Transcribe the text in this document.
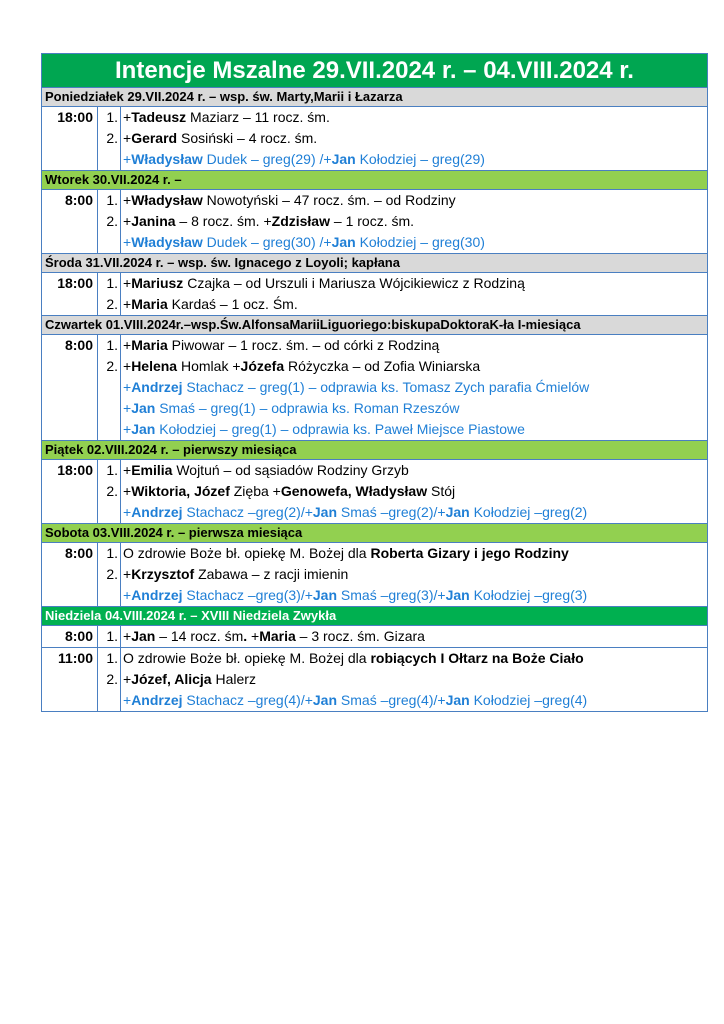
Intencje Mszalne 29.VII.2024 r. – 04.VIII.2024 r.
Poniedziałek 29.VII.2024 r. – wsp. św. Marty,Marii i Łazarza
18:00 1. +Tadeusz Maziarz – 11 rocz. śm.
2. +Gerard Sosiński – 4 rocz. śm.
+Władysław Dudek – greg(29) /+Jan Kołodziej – greg(29)
Wtorek 30.VII.2024 r. –
8:00 1. +Władysław Nowotyński – 47 rocz. śm. – od Rodziny
2. +Janina – 8 rocz. śm. +Zdzisław – 1 rocz. śm.
+Władysław Dudek – greg(30) /+Jan Kołodziej – greg(30)
Środa 31.VII.2024 r. – wsp. św. Ignacego z Loyoli; kapłana
18:00 1. +Mariusz Czajka – od Urszuli i Mariusza Wójcikiewicz z Rodziną
2. +Maria Kardaś – 1 ocz. Śm.
Czwartek 01.VIII.2024r.–wsp.Św.AlfonsaMariiLiguoriego:biskupaDoktoraK-ła I-miesiąca
8:00 1. +Maria Piwowar – 1 rocz. śm. – od córki z Rodziną
2. +Helena Homlak +Józefa Różyczka – od Zofia Winiarska
+Andrzej Stachacz – greg(1) – odprawia ks. Tomasz Zych parafia Ćmielów
+Jan Smaś – greg(1) – odprawia ks. Roman Rzeszów
+Jan Kołodziej – greg(1) – odprawia ks. Paweł Miejsce Piastowe
Piątek 02.VIII.2024 r. – pierwszy miesiąca
18:00 1. +Emilia Wojtuń – od sąsiadów Rodziny Grzyb
2. +Wiktoria, Józef Zięba +Genowefa, Władysław Stój
+Andrzej Stachacz –greg(2)/+Jan Smaś –greg(2)/+Jan Kołodziej –greg(2)
Sobota 03.VIII.2024 r. – pierwsza miesiąca
8:00 1. O zdrowie Boże bł. opiekę M. Bożej dla Roberta Gizary i jego Rodziny
2. +Krzysztof Zabawa – z racji imienin
+Andrzej Stachacz –greg(3)/+Jan Smaś –greg(3)/+Jan Kołodziej –greg(3)
Niedziela 04.VIII.2024 r. – XVIII Niedziela Zwykła
8:00 1. +Jan – 14 rocz. śm. +Maria – 3 rocz. śm. Gizara
11:00 1. O zdrowie Boże bł. opiekę M. Bożej dla robiących I Ołtarz na Boże Ciało
2. +Józef, Alicja Halerz
+Andrzej Stachacz –greg(4)/+Jan Smaś –greg(4)/+Jan Kołodziej –greg(4)
